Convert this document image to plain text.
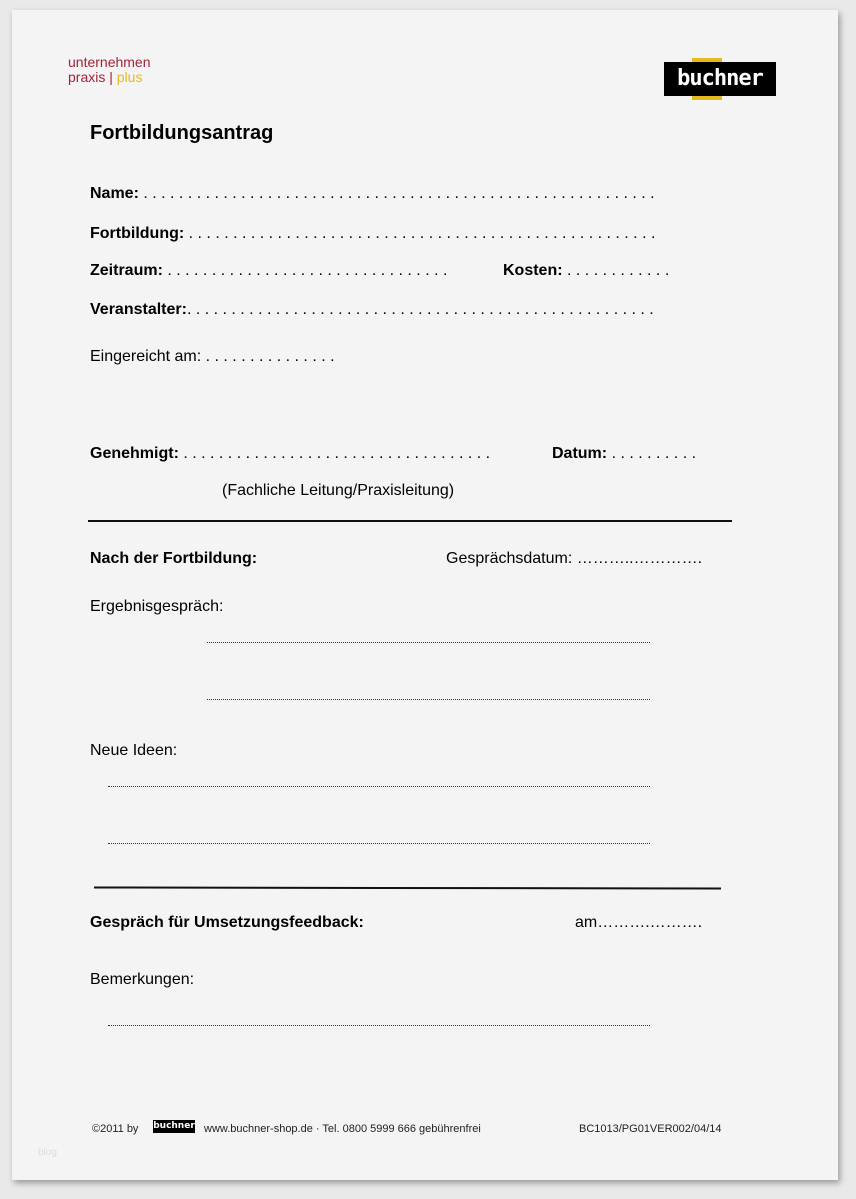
unternehmen
praxis | plus	buchner
Fortbildungsantrag
Name: . . . . . . . . . . . . . . . . . . . . . . . . . . . . . . . . . . . . . . . . . . . . . . . . . . . . . . . . . .
Fortbildung: . . . . . . . . . . . . . . . . . . . . . . . . . . . . . . . . . . . . . . . . . . . . . . . . . . . . .
Zeitraum: . . . . . . . . . . . . . . . . . . . . . . . . . . . . . . . .	Kosten: . . . . . . . . . . . .
Veranstalter:. . . . . . . . . . . . . . . . . . . . . . . . . . . . . . . . . . . . . . . . . . . . . . . . . . . . .
Eingereicht am: . . . . . . . . . . . . . . .
Genehmigt: . . . . . . . . . . . . . . . . . . . . . . . . . . . . . . . . . . .	Datum: . . . . . . . . . .
(Fachliche Leitung/Praxisleitung)
Nach der Fortbildung:	Gesprächsdatum: ………..………….
Ergebnisgespräch:
Neue Ideen:
Gespräch für Umsetzungsfeedback:	am……….……….
Bemerkungen:
©2011 by buchner www.buchner-shop.de · Tel. 0800 5999 666 gebührenfrei	BC1013/PG01VER002/04/14
blog
